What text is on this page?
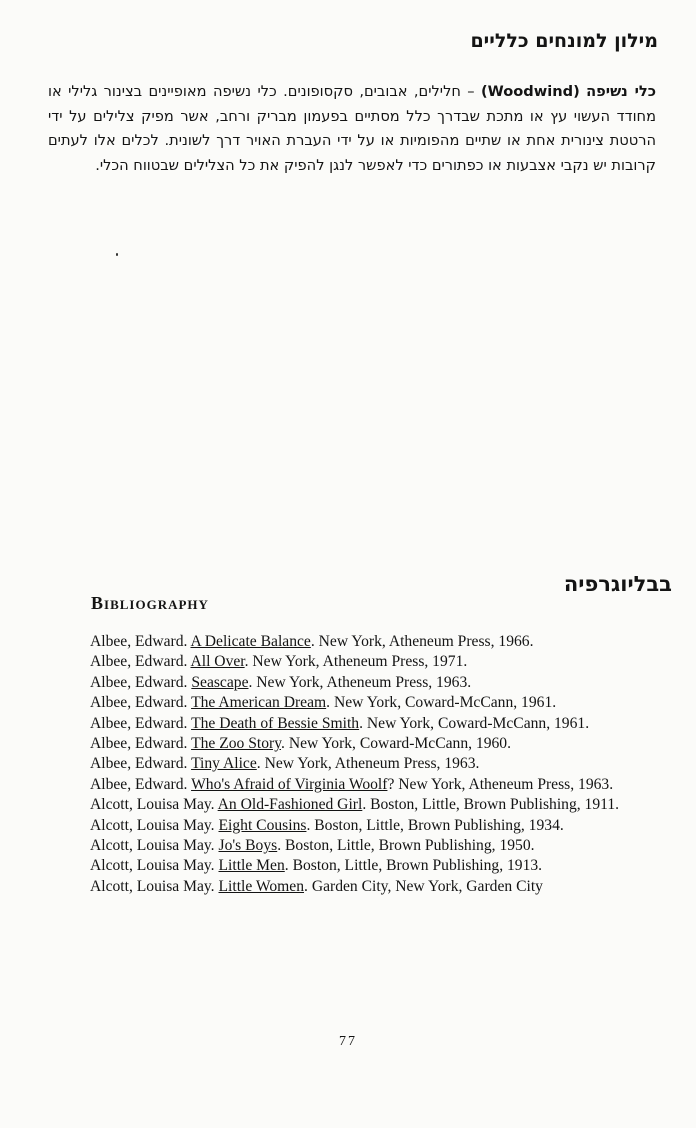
מילון למונחים כלליים

כלי נשיפה (Woodwind) – חלילים, אבובים, סקסופונים. כלי נשיפה מאופיינים בצינור גלילי או מחודד העשוי עץ או מתכת שבדרך כלל מסתיים בפעמון מבריק ורחב, אשר מפיק צלילים על ידי הרטטת צינורית אחת או שתיים מהפומיות או על ידי העברת האויר דרך לשונית. לכלים אלו לעתים קרובות יש נקבי אצבעות או כפתורים כדי לאפשר לנגן להפיק את כל הצלילים שבטווח הכלי.

בבליוגרפיה
Bibliography
Albee, Edward. A Delicate Balance. New York, Atheneum Press, 1966.
Albee, Edward. All Over. New York, Atheneum Press, 1971.
Albee, Edward. Seascape. New York, Atheneum Press, 1963.
Albee, Edward. The American Dream. New York, Coward-McCann, 1961.
Albee, Edward. The Death of Bessie Smith. New York, Coward-McCann, 1961.
Albee, Edward. The Zoo Story. New York, Coward-McCann, 1960.
Albee, Edward. Tiny Alice. New York, Atheneum Press, 1963.
Albee, Edward. Who's Afraid of Virginia Woolf? New York, Atheneum Press, 1963.
Alcott, Louisa May. An Old-Fashioned Girl. Boston, Little, Brown Publishing, 1911.
Alcott, Louisa May. Eight Cousins. Boston, Little, Brown Publishing, 1934.
Alcott, Louisa May. Jo's Boys. Boston, Little, Brown Publishing, 1950.
Alcott, Louisa May. Little Men. Boston, Little, Brown Publishing, 1913.
Alcott, Louisa May. Little Women. Garden City, New York, Garden City
77
